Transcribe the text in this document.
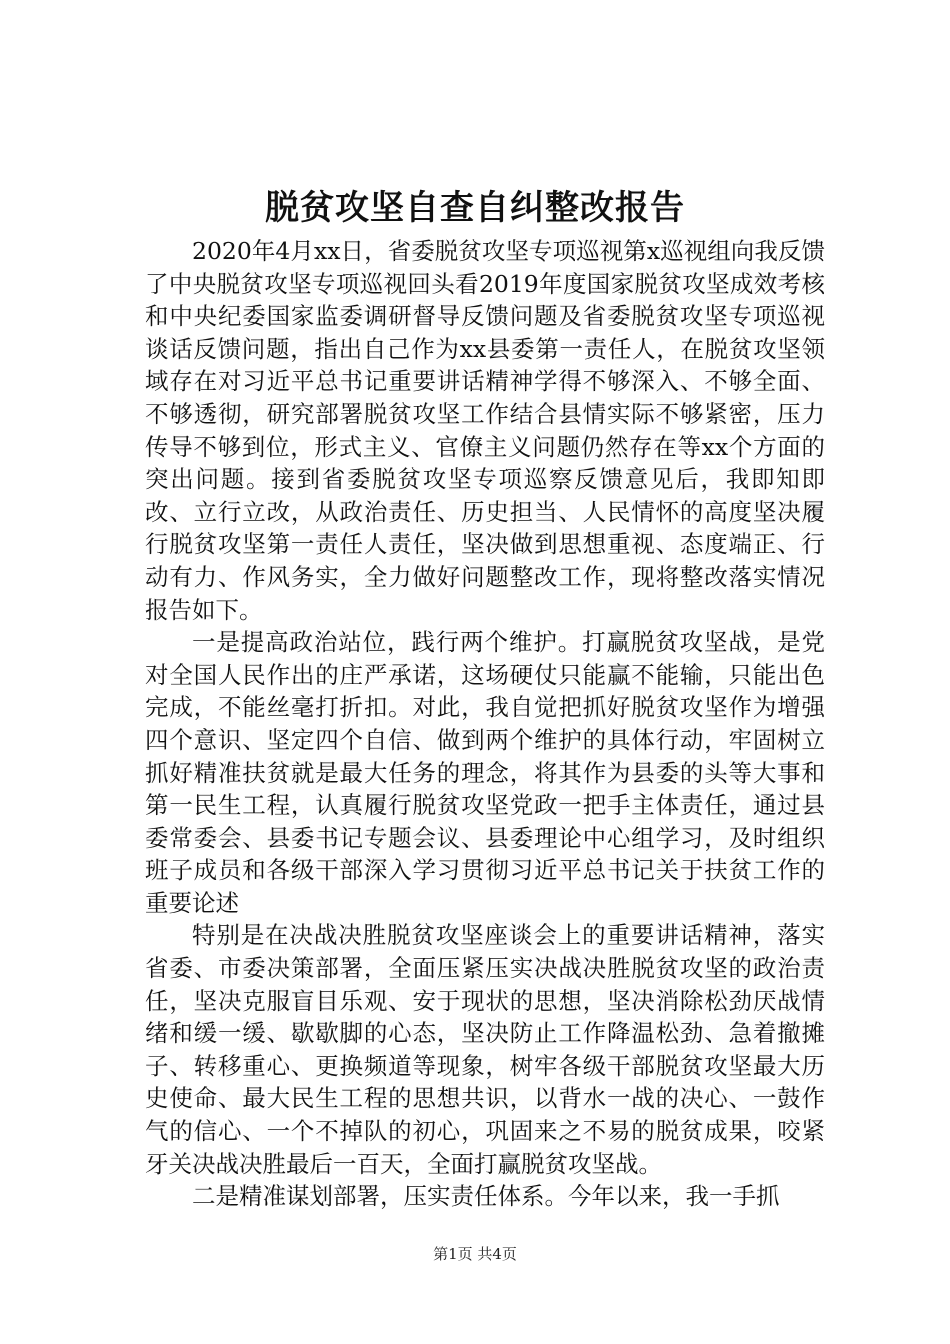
脱贫攻坚自查自纠整改报告

2020年4月xx日，省委脱贫攻坚专项巡视第x巡视组向我反馈了中央脱贫攻坚专项巡视回头看2019年度国家脱贫攻坚成效考核和中央纪委国家监委调研督导反馈问题及省委脱贫攻坚专项巡视谈话反馈问题，指出自己作为xx县委第一责任人，在脱贫攻坚领域存在对习近平总书记重要讲话精神学得不够深入、不够全面、不够透彻，研究部署脱贫攻坚工作结合县情实际不够紧密，压力传导不够到位，形式主义、官僚主义问题仍然存在等xx个方面的突出问题。接到省委脱贫攻坚专项巡察反馈意见后，我即知即改、立行立改，从政治责任、历史担当、人民情怀的高度坚决履行脱贫攻坚第一责任人责任，坚决做到思想重视、态度端正、行动有力、作风务实，全力做好问题整改工作，现将整改落实情况报告如下。

一是提高政治站位，践行两个维护。打赢脱贫攻坚战，是党对全国人民作出的庄严承诺，这场硬仗只能赢不能输，只能出色完成，不能丝毫打折扣。对此，我自觉把抓好脱贫攻坚作为增强四个意识、坚定四个自信、做到两个维护的具体行动，牢固树立抓好精准扶贫就是最大任务的理念，将其作为县委的头等大事和第一民生工程，认真履行脱贫攻坚党政一把手主体责任，通过县委常委会、县委书记专题会议、县委理论中心组学习，及时组织班子成员和各级干部深入学习贯彻习近平总书记关于扶贫工作的重要论述

特别是在决战决胜脱贫攻坚座谈会上的重要讲话精神，落实省委、市委决策部署，全面压紧压实决战决胜脱贫攻坚的政治责任，坚决克服盲目乐观、安于现状的思想，坚决消除松劲厌战情绪和缓一缓、歇歇脚的心态，坚决防止工作降温松劲、急着撤摊子、转移重心、更换频道等现象，树牢各级干部脱贫攻坚最大历史使命、最大民生工程的思想共识，以背水一战的决心、一鼓作气的信心、一个不掉队的初心，巩固来之不易的脱贫成果，咬紧牙关决战决胜最后一百天，全面打赢脱贫攻坚战。

二是精准谋划部署，压实责任体系。今年以来，我一手抓

第1页 共4页
